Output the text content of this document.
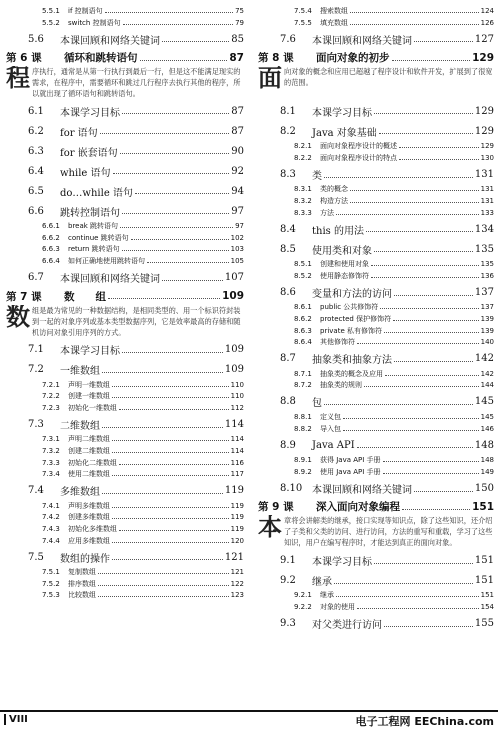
5.5.1	if 控制语句	75
5.5.2	switch 控制语句	79
5.6	本课回顾和网络关键词	85
第 6 课	循环和跳转语句	87
程序执行，通常是从第一行执行到最后一行，但是这不能满足现实的需求，在程序中，需要循环和跳过几行程序去执行其他的程序，所以就出现了循环语句和跳转语句。
6.1	本课学习目标	87
6.2	for 语句	87
6.3	for 嵌套语句	90
6.4	while 语句	92
6.5	do…while 语句	94
6.6	跳转控制语句	97
6.6.1	break 跳转语句	97
6.6.2	continue 跳转语句	102
6.6.3	return 跳转语句	103
6.6.4	如何正确地使用跳转语句	105
6.7	本课回顾和网络关键词	107
第 7 课	数　　组	109
数组是最为常见的一种数据结构，是相同类型的、用一个标识符封装到一起的对象序列或基本类型数据序列，它是效率最高的存储和随机访问对象引用序列的方式。
7.1	本课学习目标	109
7.2	一维数组	109
7.2.1	声明一维数组	110
7.2.2	创建一维数组	110
7.2.3	初始化一维数组	112
7.3	二维数组	114
7.3.1	声明二维数组	114
7.3.2	创建二维数组	114
7.3.3	初始化二维数组	116
7.3.4	使用二维数组	117
7.4	多维数组	119
7.4.1	声明多维数组	119
7.4.2	创建多维数组	119
7.4.3	初始化多维数组	119
7.4.4	应用多维数组	120
7.5	数组的操作	121
7.5.1	复制数组	121
7.5.2	排序数组	122
7.5.3	比较数组	123
7.5.4	搜索数组	124
7.5.5	填充数组	126
7.6	本课回顾和网络关键词	127
第 8 课	面向对象的初步	129
面向对象的概念和应用已超越了程序设计和软件开发，扩展到了很宽的范围。
8.1	本课学习目标	129
8.2	Java 对象基础	129
8.2.1	面向对象程序设计的概述	129
8.2.2	面向对象程序设计的特点	130
8.3	类	131
8.3.1	类的概念	131
8.3.2	构造方法	131
8.3.3	方法	133
8.4	this 的用法	134
8.5	使用类和对象	135
8.5.1	创建和使用对象	135
8.5.2	使用静态修饰符	136
8.6	变量和方法的访问	137
8.6.1	public 公共修饰符	137
8.6.2	protected 保护修饰符	139
8.6.3	private 私有修饰符	139
8.6.4	其他修饰符	140
8.7	抽象类和抽象方法	142
8.7.1	抽象类的概念及应用	142
8.7.2	抽象类的规则	144
8.8	包	145
8.8.1	定义包	145
8.8.2	导入包	146
8.9	Java API	148
8.9.1	获得 Java API 手册	148
8.9.2	使用 Java API 手册	149
8.10 本课回顾和网络关键词	150
第 9 课	深入面向对象编程	151
本章将会讲解类的继承，接口实现等知识点，除了这些知识，还介绍了子类和父类的访问、进行访问，方法的重写和重载，学习了这些知识，用户在编写程序时，才能达到真正的面向对象。
9.1	本课学习目标	151
9.2	继承	151
9.2.1	继承	151
9.2.2	对象的使用	154
9.3	对父类进行访问	155
VIII	电子工程网 EEChina.com
